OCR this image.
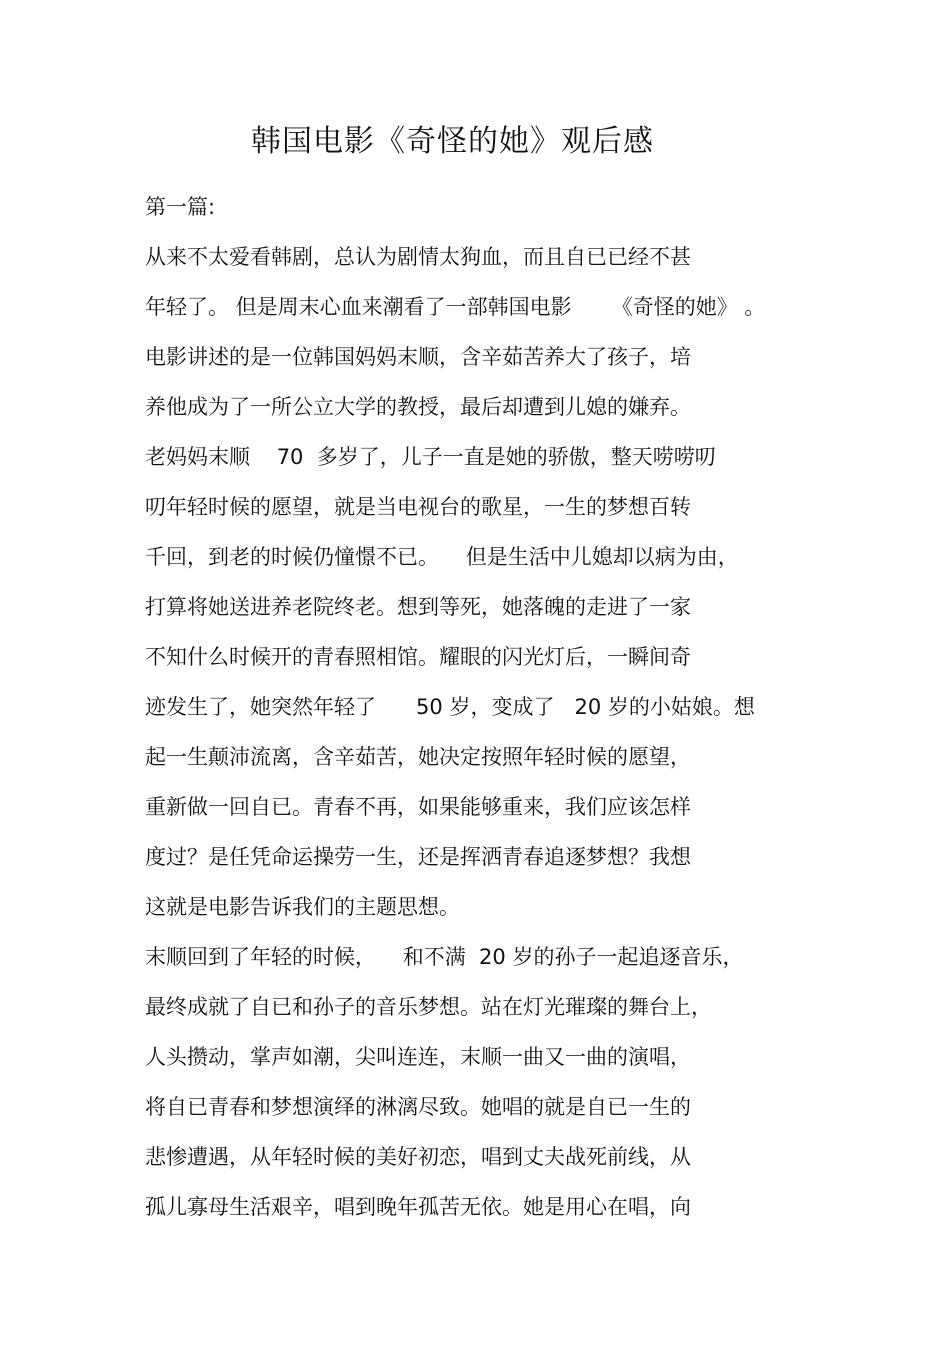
韩国电影《奇怪的她》观后感
第一篇:
从来不太爱看韩剧，总认为剧情太狗血，而且自已已经不甚
年轻了。 但是周末心血来潮看了一部韩国电影      《奇怪的她》 。
电影讲述的是一位韩国妈妈末顺，含辛茹苦养大了孩子，培
养他成为了一所公立大学的教授，最后却遭到儿媳的嫌弃。
老妈妈末顺    70  多岁了，儿子一直是她的骄傲，整天唠唠叨
叨年轻时候的愿望，就是当电视台的歌星，一生的梦想百转
千回，到老的时候仍憧憬不已。    但是生活中儿媳却以病为由，
打算将她送进养老院终老。想到等死，她落魄的走进了一家
不知什么时候开的青春照相馆。耀眼的闪光灯后，一瞬间奇
迹发生了，她突然年轻了      50 岁，变成了   20 岁的小姑娘。想
起一生颠沛流离，含辛茹苦，她决定按照年轻时候的愿望，
重新做一回自已。青春不再，如果能够重来，我们应该怎样
度过？是任凭命运操劳一生，还是挥洒青春追逐梦想？我想
这就是电影告诉我们的主题思想。
末顺回到了年轻的时候，    和不满  20 岁的孙子一起追逐音乐，
最终成就了自已和孙子的音乐梦想。站在灯光璀璨的舞台上，
人头攒动，掌声如潮，尖叫连连，末顺一曲又一曲的演唱，
将自已青春和梦想演绎的淋漓尽致。她唱的就是自已一生的
悲惨遭遇，从年轻时候的美好初恋，唱到丈夫战死前线，从
孤儿寡母生活艰辛，唱到晚年孤苦无依。她是用心在唱，向
